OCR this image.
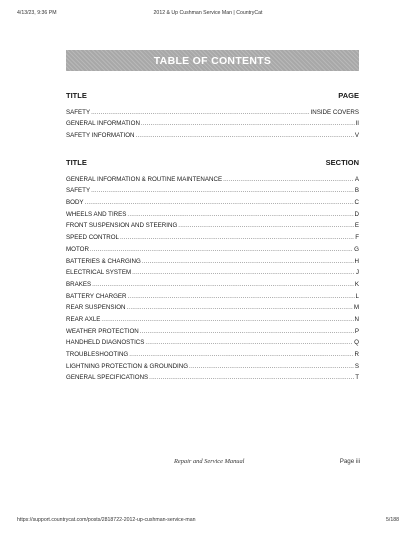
4/13/23, 9:36 PM	2012 & Up Cushman Service Man | CountryCat
TABLE OF CONTENTS
TITLE	PAGE
SAFETY .....	INSIDE COVERS
GENERAL INFORMATION .....	II
SAFETY INFORMATION .....	V
TITLE	SECTION
GENERAL INFORMATION & ROUTINE MAINTENANCE .....	A
SAFETY .....	B
BODY .....	C
WHEELS AND TIRES .....	D
FRONT SUSPENSION AND STEERING .....	E
SPEED CONTROL .....	F
MOTOR .....	G
BATTERIES & CHARGING .....	H
ELECTRICAL SYSTEM .....	J
BRAKES .....	K
BATTERY CHARGER .....	L
REAR SUSPENSION .....	M
REAR AXLE .....	N
WEATHER PROTECTION .....	P
HANDHELD DIAGNOSTICS .....	Q
TROUBLESHOOTING .....	R
LIGHTNING PROTECTION & GROUNDING .....	S
GENERAL SPECIFICATIONS .....	T
Repair and Service Manual	Page iii
https://support.countrycat.com/posts/2818722-2012-up-cushman-service-man	5/188
